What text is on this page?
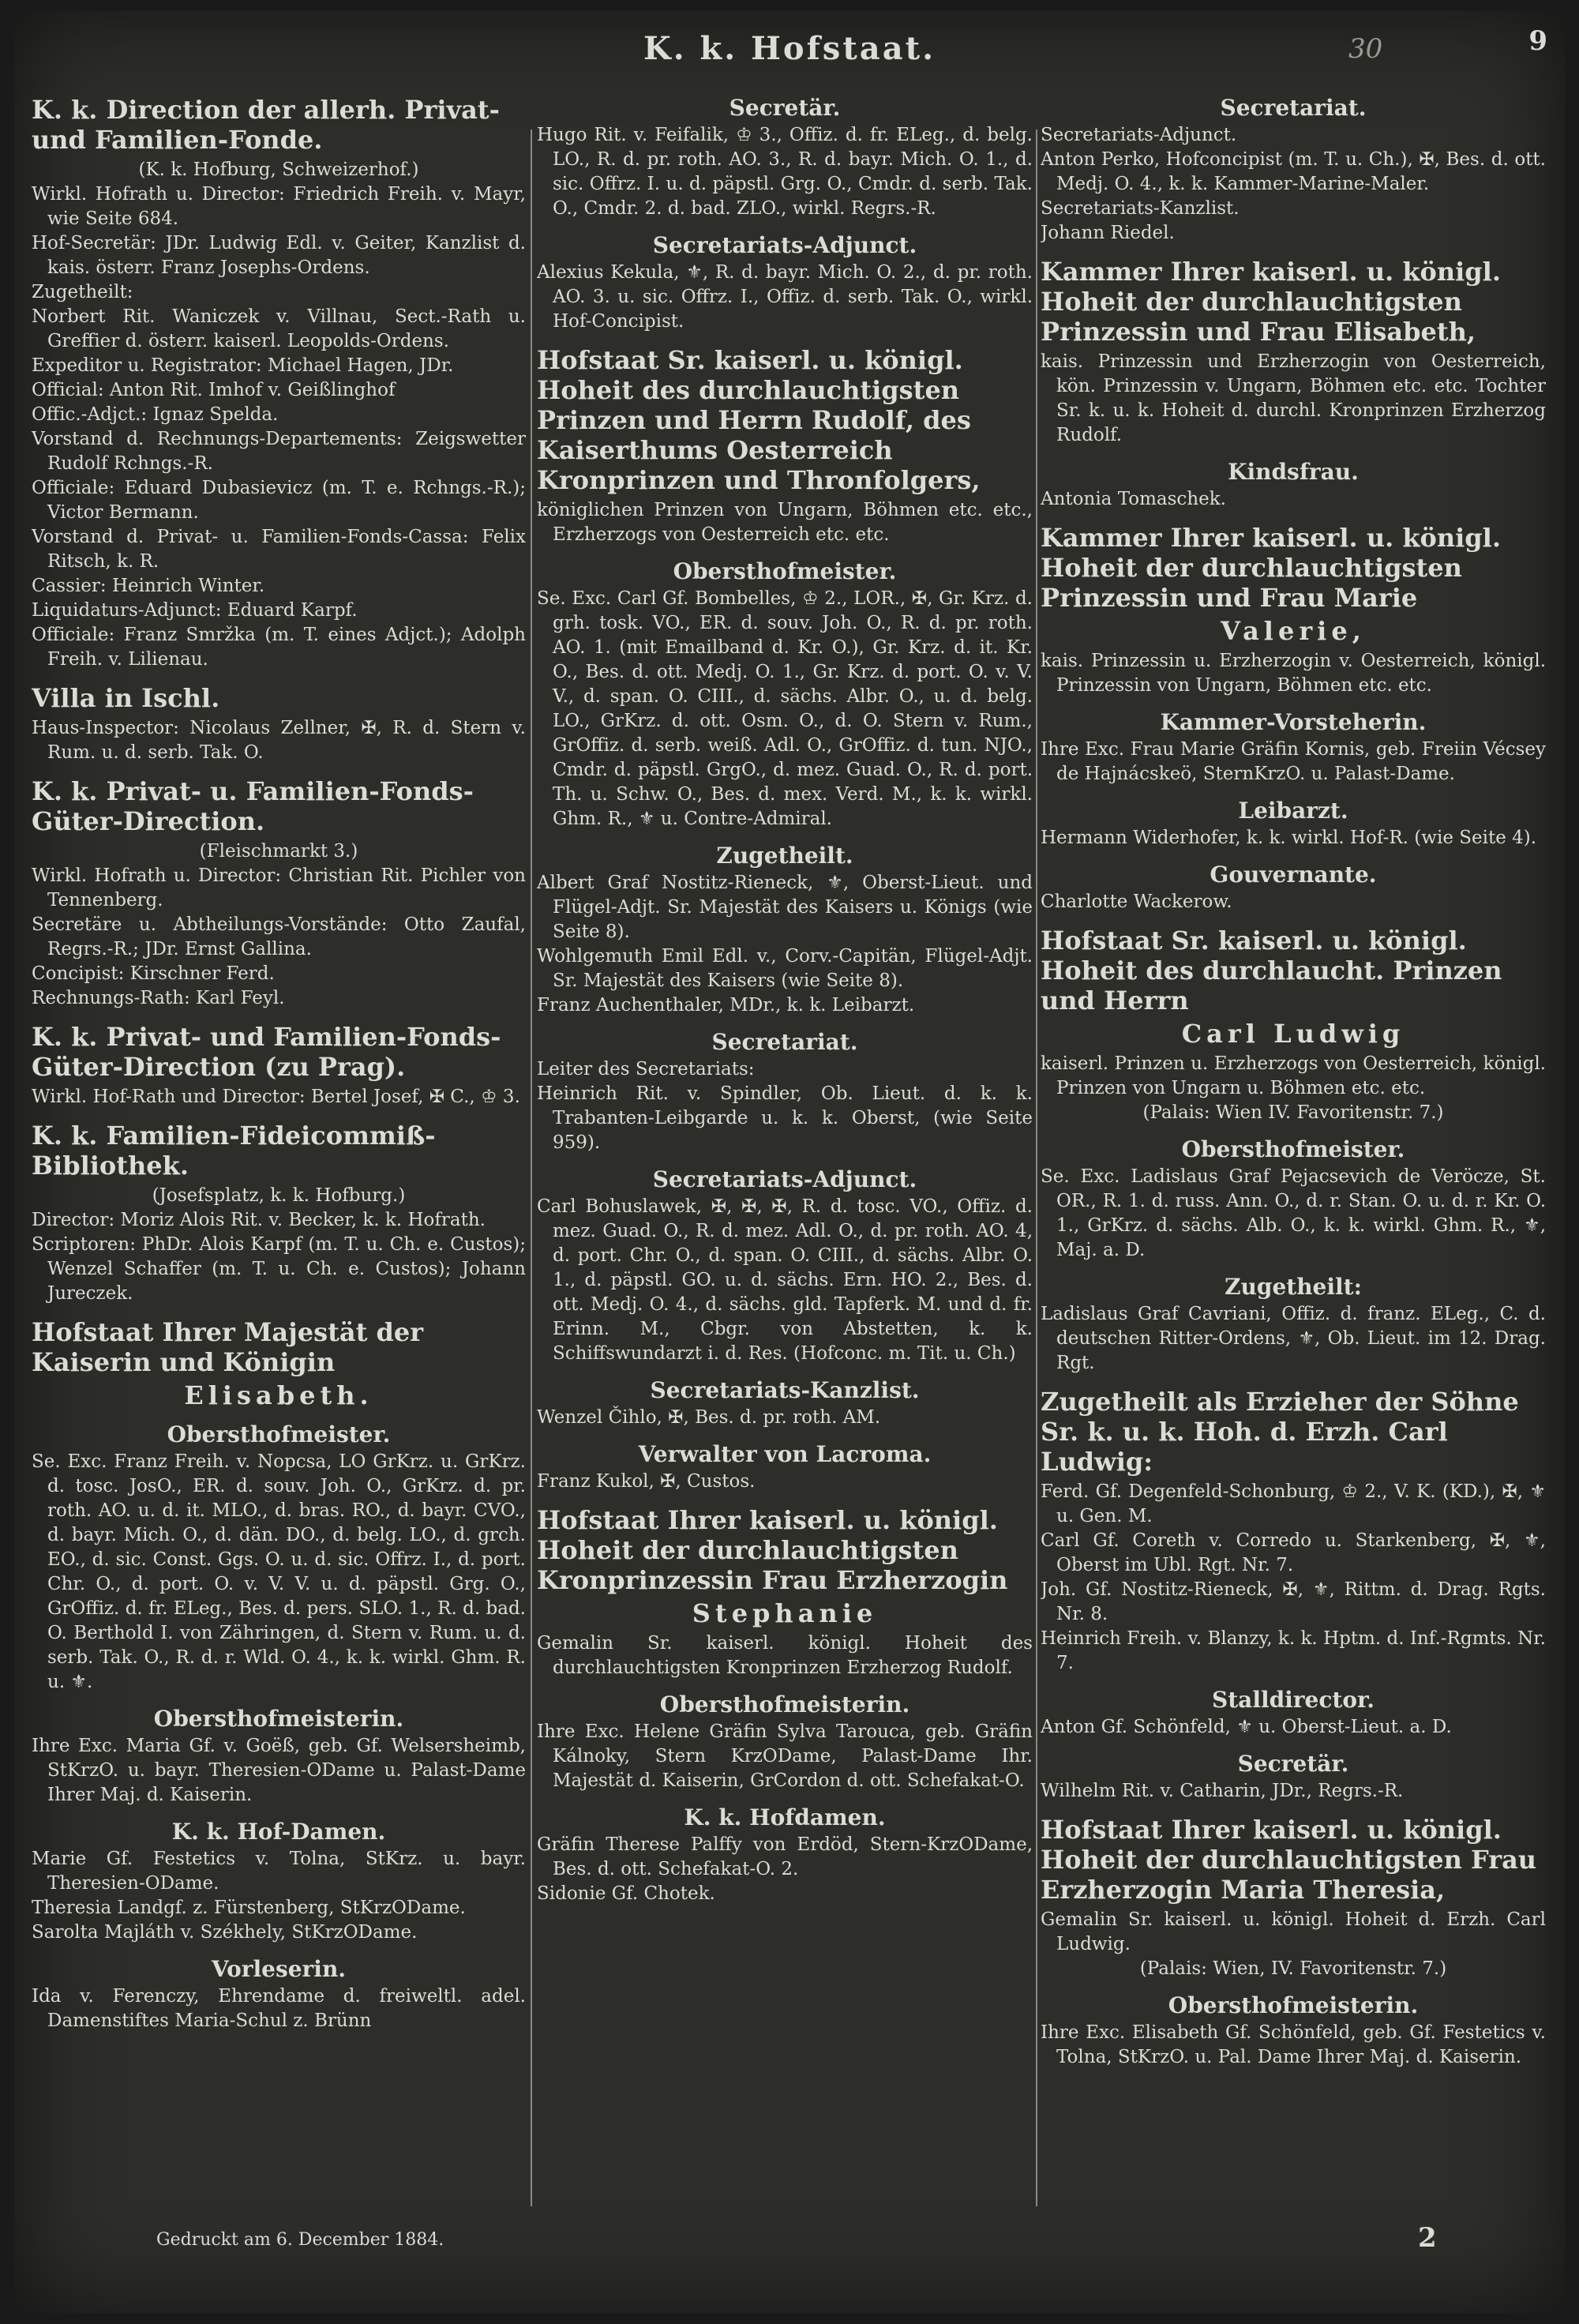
K. k. Hofstaat.	30	9
K. k. Direction der allerh. Privat- und Familien-Fonde.
(K. k. Hofburg, Schweizerhof.)

Wirkl. Hofrath u. Director: Friedrich Freih. v. Mayr, wie Seite 684.

Hof-Secretär: JDr. Ludwig Edl. v. Geiter, Kanzlist d. kais. österr. Franz Josephs-Ordens.

Zugetheilt:

Norbert Rit. Waniczek v. Villnau, Sect.-Rath u. Greffier d. österr. kaiserl. Leopolds-Ordens.

Expeditor u. Registrator: Michael Hagen, JDr.

Official: Anton Rit. Imhof v. Geißlinghof

Offic.-Adjct.: Ignaz Spelda.

Vorstand d. Rechnungs-Departements: Zeigswetter Rudolf Rchngs.-R.

Officiale: Eduard Dubasievicz (m. T. e. Rchngs.-R.); Victor Bermann.

Vorstand d. Privat- u. Familien-Fonds-Cassa: Felix Ritsch, k. R.

Cassier: Heinrich Winter.

Liquidaturs-Adjunct: Eduard Karpf.

Officiale: Franz Smržka (m. T. eines Adjct.); Adolph Freih. v. Lilienau.

Villa in Ischl.

Haus-Inspector: Nicolaus Zellner, ✠, R. d. Stern v. Rum. u. d. serb. Tak. O.

K. k. Privat- u. Familien-Fonds-Güter-Direction.
(Fleischmarkt 3.)

Wirkl. Hofrath u. Director: Christian Rit. Pichler von Tennenberg.

Secretäre u. Abtheilungs-Vorstände: Otto Zaufal, Regrs.-R.; JDr. Ernst Gallina.

Concipist: Kirschner Ferd.

Rechnungs-Rath: Karl Feyl.

K. k. Privat- und Familien-Fonds-Güter-Direction (zu Prag).

Wirkl. Hof-Rath und Director: Bertel Josef, ✠ C., ♔ 3.

K. k. Familien-Fideicommiß-Bibliothek.
(Josefsplatz, k. k. Hofburg.)

Director: Moriz Alois Rit. v. Becker, k. k. Hofrath.

Scriptoren: PhDr. Alois Karpf (m. T. u. Ch. e. Custos); Wenzel Schaffer (m. T. u. Ch. e. Custos); Johann Jureczek.

Hofstaat Ihrer Majestät der Kaiserin und Königin
Elisabeth.
Obersthofmeister.

Se. Exc. Franz Freih. v. Nopcsa, LO GrKrz. u. GrKrz. d. tosc. JosO., ER. d. souv. Joh. O., GrKrz. d. pr. roth. AO. u. d. it. MLO., d. bras. RO., d. bayr. CVO., d. bayr. Mich. O., d. dän. DO., d. belg. LO., d. grch. EO., d. sic. Const. Ggs. O. u. d. sic. Offrz. I., d. port. Chr. O., d. port. O. v. V. V. u. d. päpstl. Grg. O., GrOffiz. d. fr. ELeg., Bes. d. pers. SLO. 1., R. d. bad. O. Berthold I. von Zähringen, d. Stern v. Rum. u. d. serb. Tak. O., R. d. r. Wld. O. 4., k. k. wirkl. Ghm. R. u. ⚜.

Obersthofmeisterin.

Ihre Exc. Maria Gf. v. Goëß, geb. Gf. Welsersheimb, StKrzO. u. bayr. Theresien-ODame u. Palast-Dame Ihrer Maj. d. Kaiserin.

K. k. Hof-Damen.

Marie Gf. Festetics v. Tolna, StKrz. u. bayr. Theresien-ODame.

Theresia Landgf. z. Fürstenberg, StKrzODame.

Sarolta Majláth v. Székhely, StKrzODame.

Vorleserin.

Ida v. Ferenczy, Ehrendame d. freiweltl. adel. Damenstiftes Maria-Schul z. Brünn

Secretär.

Hugo Rit. v. Feifalik, ♔ 3., Offiz. d. fr. ELeg., d. belg. LO., R. d. pr. roth. AO. 3., R. d. bayr. Mich. O. 1., d. sic. Offrz. I. u. d. päpstl. Grg. O., Cmdr. d. serb. Tak. O., Cmdr. 2. d. bad. ZLO., wirkl. Regrs.-R.

Secretariats-Adjunct.

Alexius Kekula, ⚜, R. d. bayr. Mich. O. 2., d. pr. roth. AO. 3. u. sic. Offrz. I., Offiz. d. serb. Tak. O., wirkl. Hof-Concipist.

Hofstaat Sr. kaiserl. u. königl. Hoheit des durchlauchtigsten Prinzen und Herrn Rudolf, des Kaiserthums Oesterreich Kronprinzen und Thronfolgers,

königlichen Prinzen von Ungarn, Böhmen etc. etc., Erzherzogs von Oesterreich etc. etc.

Obersthofmeister.

Se. Exc. Carl Gf. Bombelles, ♔ 2., LOR., ✠, Gr. Krz. d. grh. tosk. VO., ER. d. souv. Joh. O., R. d. pr. roth. AO. 1. (mit Emailband d. Kr. O.), Gr. Krz. d. it. Kr. O., Bes. d. ott. Medj. O. 1., Gr. Krz. d. port. O. v. V. V., d. span. O. CIII., d. sächs. Albr. O., u. d. belg. LO., GrKrz. d. ott. Osm. O., d. O. Stern v. Rum., GrOffiz. d. serb. weiß. Adl. O., GrOffiz. d. tun. NJO., Cmdr. d. päpstl. GrgO., d. mez. Guad. O., R. d. port. Th. u. Schw. O., Bes. d. mex. Verd. M., k. k. wirkl. Ghm. R., ⚜ u. Contre-Admiral.

Zugetheilt.

Albert Graf Nostitz-Rieneck, ⚜, Oberst-Lieut. und Flügel-Adjt. Sr. Majestät des Kaisers u. Königs (wie Seite 8).

Wohlgemuth Emil Edl. v., Corv.-Capitän, Flügel-Adjt. Sr. Majestät des Kaisers (wie Seite 8).

Franz Auchenthaler, MDr., k. k. Leibarzt.

Secretariat.

Leiter des Secretariats:

Heinrich Rit. v. Spindler, Ob. Lieut. d. k. k. Trabanten-Leibgarde u. k. k. Oberst, (wie Seite 959).

Secretariats-Adjunct.

Carl Bohuslawek, ✠, ✠, ✠, R. d. tosc. VO., Offiz. d. mez. Guad. O., R. d. mez. Adl. O., d. pr. roth. AO. 4, d. port. Chr. O., d. span. O. CIII., d. sächs. Albr. O. 1., d. päpstl. GO. u. d. sächs. Ern. HO. 2., Bes. d. ott. Medj. O. 4., d. sächs. gld. Tapferk. M. und d. fr. Erinn. M., Cbgr. von Abstetten, k. k. Schiffswundarzt i. d. Res. (Hofconc. m. Tit. u. Ch.)

Secretariats-Kanzlist.

Wenzel Čihlo, ✠, Bes. d. pr. roth. AM.

Verwalter von Lacroma.

Franz Kukol, ✠, Custos.

Hofstaat Ihrer kaiserl. u. königl. Hoheit der durchlauchtigsten Kronprinzessin Frau Erzherzogin
Stephanie

Gemalin Sr. kaiserl. königl. Hoheit des durchlauchtigsten Kronprinzen Erzherzog Rudolf.

Obersthofmeisterin.

Ihre Exc. Helene Gräfin Sylva Tarouca, geb. Gräfin Kálnoky, Stern KrzODame, Palast-Dame Ihr. Majestät d. Kaiserin, GrCordon d. ott. Schefakat-O.

K. k. Hofdamen.

Gräfin Therese Palffy von Erdöd, Stern-KrzODame, Bes. d. ott. Schefakat-O. 2.

Sidonie Gf. Chotek.

Secretariat.

Secretariats-Adjunct.

Anton Perko, Hofconcipist (m. T. u. Ch.), ✠, Bes. d. ott. Medj. O. 4., k. k. Kammer-Marine-Maler.

Secretariats-Kanzlist.

Johann Riedel.

Kammer Ihrer kaiserl. u. königl. Hoheit der durchlauchtigsten Prinzessin und Frau Elisabeth,

kais. Prinzessin und Erzherzogin von Oesterreich, kön. Prinzessin v. Ungarn, Böhmen etc. etc. Tochter Sr. k. u. k. Hoheit d. durchl. Kronprinzen Erzherzog Rudolf.

Kindsfrau.

Antonia Tomaschek.

Kammer Ihrer kaiserl. u. königl. Hoheit der durchlauchtigsten Prinzessin und Frau Marie
Valerie,

kais. Prinzessin u. Erzherzogin v. Oesterreich, königl. Prinzessin von Ungarn, Böhmen etc. etc.

Kammer-Vorsteherin.

Ihre Exc. Frau Marie Gräfin Kornis, geb. Freiin Vécsey de Hajnácskeö, SternKrzO. u. Palast-Dame.

Leibarzt.

Hermann Widerhofer, k. k. wirkl. Hof-R. (wie Seite 4).

Gouvernante.

Charlotte Wackerow.

Hofstaat Sr. kaiserl. u. königl. Hoheit des durchlaucht. Prinzen und Herrn
Carl Ludwig

kaiserl. Prinzen u. Erzherzogs von Oesterreich, königl. Prinzen von Ungarn u. Böhmen etc. etc.

(Palais: Wien IV. Favoritenstr. 7.)
Obersthofmeister.

Se. Exc. Ladislaus Graf Pejacsevich de Veröcze, St. OR., R. 1. d. russ. Ann. O., d. r. Stan. O. u. d. r. Kr. O. 1., GrKrz. d. sächs. Alb. O., k. k. wirkl. Ghm. R., ⚜, Maj. a. D.

Zugetheilt:

Ladislaus Graf Cavriani, Offiz. d. franz. ELeg., C. d. deutschen Ritter-Ordens, ⚜, Ob. Lieut. im 12. Drag. Rgt.

Zugetheilt als Erzieher der Söhne Sr. k. u. k. Hoh. d. Erzh. Carl Ludwig:

Ferd. Gf. Degenfeld-Schonburg, ♔ 2., V. K. (KD.), ✠, ⚜ u. Gen. M.

Carl Gf. Coreth v. Corredo u. Starkenberg, ✠, ⚜, Oberst im Ubl. Rgt. Nr. 7.

Joh. Gf. Nostitz-Rieneck, ✠, ⚜, Rittm. d. Drag. Rgts. Nr. 8.

Heinrich Freih. v. Blanzy, k. k. Hptm. d. Inf.-Rgmts. Nr. 7.

Stalldirector.

Anton Gf. Schönfeld, ⚜ u. Oberst-Lieut. a. D.

Secretär.

Wilhelm Rit. v. Catharin, JDr., Regrs.-R.

Hofstaat Ihrer kaiserl. u. königl. Hoheit der durchlauchtigsten Frau Erzherzogin Maria Theresia,

Gemalin Sr. kaiserl. u. königl. Hoheit d. Erzh. Carl Ludwig.

(Palais: Wien, IV. Favoritenstr. 7.)
Obersthofmeisterin.

Ihre Exc. Elisabeth Gf. Schönfeld, geb. Gf. Festetics v. Tolna, StKrzO. u. Pal. Dame Ihrer Maj. d. Kaiserin.

Gedruckt am 6. December 1884.	2
